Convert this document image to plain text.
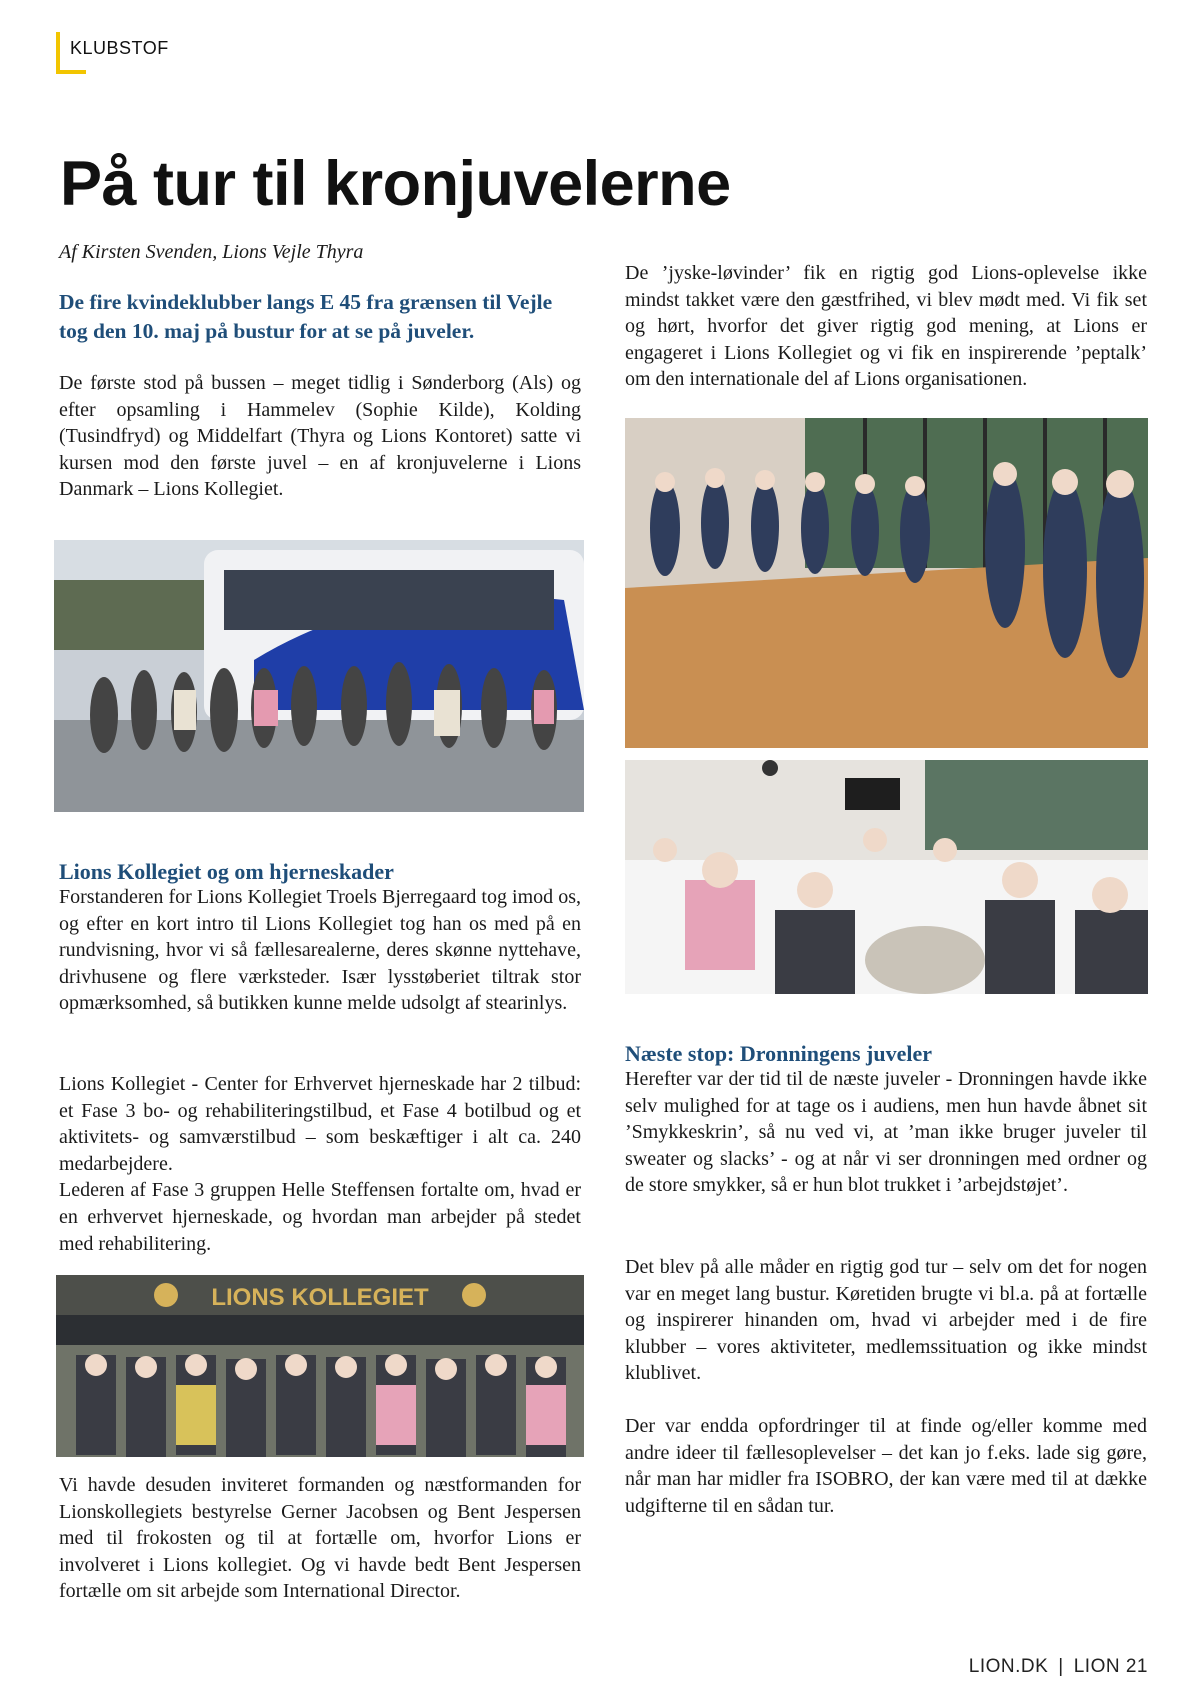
KLUBSTOF
På tur til kronjuvelerne

Af Kirsten Svenden, Lions Vejle Thyra

De fire kvindeklubber langs E 45 fra grænsen til Vejle tog den 10. maj på bustur for at se på juveler.

De første stod på bussen – meget tidlig i Sønderborg (Als) og efter opsamling i Hammelev (Sophie Kilde), Kolding (Tusindfryd) og Middelfart (Thyra og Lions Kontoret) satte vi kursen mod den første juvel – en af kronjuvelerne i Lions Danmark – Lions Kollegiet.

Lions Kollegiet og om hjerneskader

Forstanderen for Lions Kollegiet Troels Bjerregaard tog imod os, og efter en kort intro til Lions Kollegiet tog han os med på en rundvisning, hvor vi så fællesarealerne, deres skønne nyttehave, drivhusene og flere værksteder. Især lysstøberiet tiltrak stor opmærksomhed, så butikken kunne melde udsolgt af stearinlys.

Lions Kollegiet - Center for Erhvervet hjerneskade har 2 tilbud: et Fase 3 bo- og rehabiliteringstilbud, et Fase 4 botilbud og et aktivitets- og samværstilbud – som beskæftiger i alt ca. 240 medarbejdere.

Lederen af Fase 3 gruppen Helle Steffensen fortalte om, hvad er en erhvervet hjerneskade, og hvordan man arbejder på stedet med rehabilitering.

LIONS KOLLEGIET

Vi havde desuden inviteret formanden og næstformanden for Lionskollegiets bestyrelse Gerner Jacobsen og Bent Jespersen med til frokosten og til at fortælle om, hvorfor Lions er involveret i Lions kollegiet. Og vi havde bedt Bent Jespersen fortælle om sit arbejde som International Director.

De ’jyske-løvinder’ fik en rigtig god Lions-oplevelse ikke mindst takket være den gæstfrihed, vi blev mødt med. Vi fik set og hørt, hvorfor det giver rigtig god mening, at Lions er engageret i Lions Kollegiet og vi fik en inspirerende ’peptalk’ om den internationale del af Lions organisationen.

Næste stop: Dronningens juveler

Herefter var der tid til de næste juveler - Dronningen havde ikke selv mulighed for at tage os i audiens, men hun havde åbnet sit ’Smykkeskrin’, så nu ved vi, at ’man ikke bruger juveler til sweater og slacks’ - og at når vi ser dronningen med ordner og de store smykker, så er hun blot trukket i ’arbejdstøjet’.

Det blev på alle måder en rigtig god tur – selv om det for nogen var en meget lang bustur. Køretiden brugte vi bl.a. på at fortælle og inspirerer hinanden om, hvad vi arbejder med i de fire klubber – vores aktiviteter, medlemssituation og ikke mindst klublivet.

Der var endda opfordringer til at finde og/eller komme med andre ideer til fællesoplevelser – det kan jo f.eks. lade sig gøre, når man har midler fra ISOBRO, der kan være med til at dække udgifterne til en sådan tur.

LION.DK | LION 21
